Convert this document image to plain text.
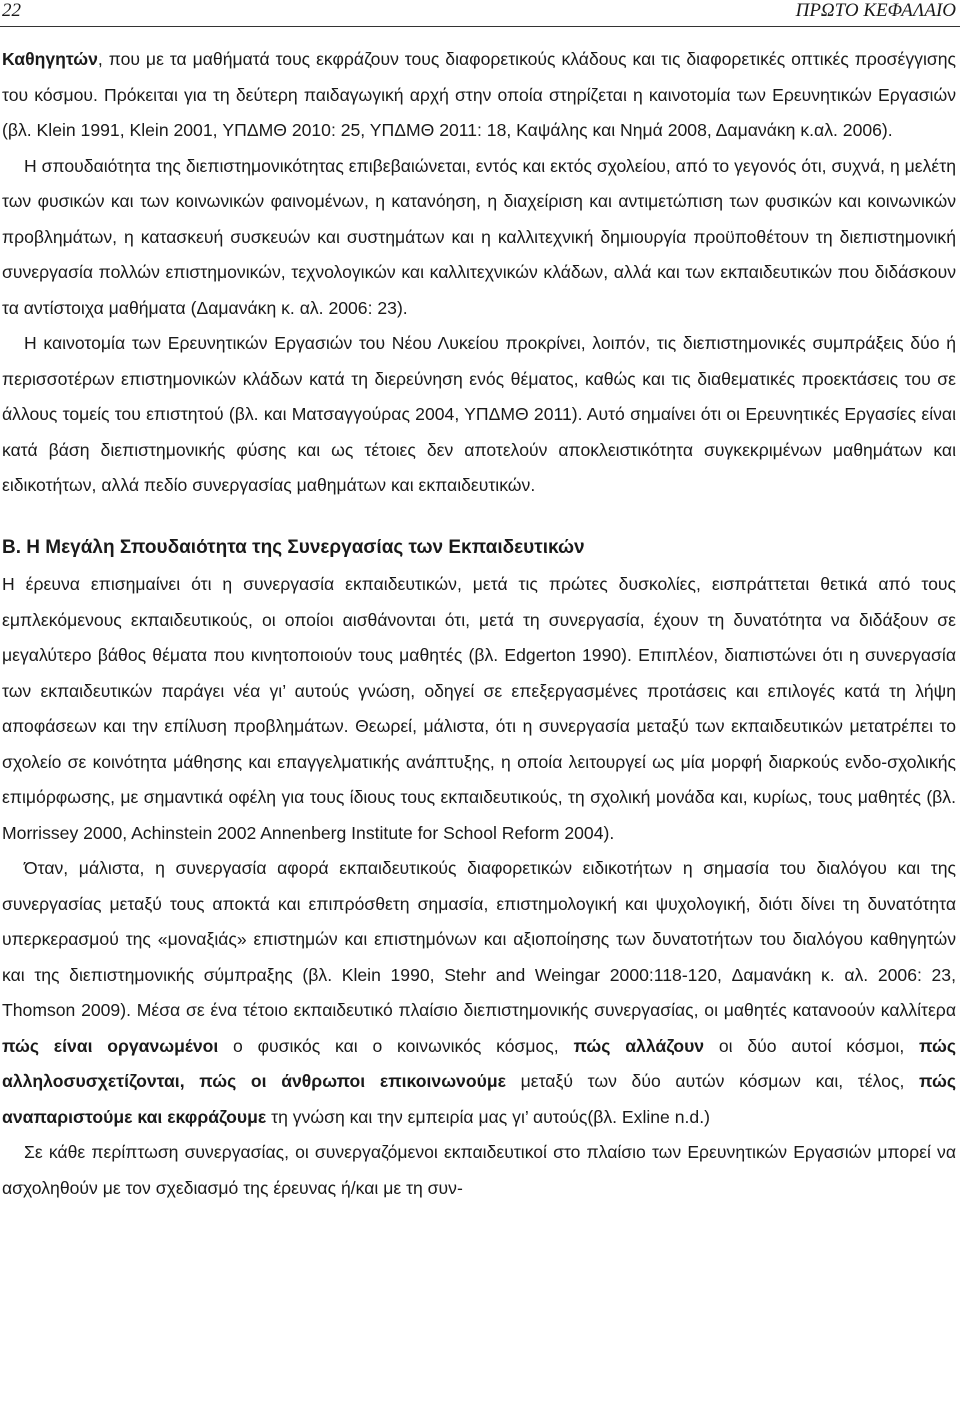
22	ΠΡΩΤΟ ΚΕΦΑΛΑΙΟ

Καθηγητών, που με τα μαθήματά τους εκφράζουν τους διαφορετικούς κλάδους και τις διαφορετικές οπτικές προσέγγισης του κόσμου. Πρόκειται για τη δεύτερη παιδαγωγική αρχή στην οποία στηρίζεται η καινοτομία των Ερευνητικών Εργασιών (βλ. Klein 1991, Klein 2001, ΥΠΔΜΘ 2010: 25, ΥΠΔΜΘ 2011: 18, Καψάλης και Νημά 2008, Δαμανάκη κ.αλ. 2006).

Η σπουδαιότητα της διεπιστημονικότητας επιβεβαιώνεται, εντός και εκτός σχολείου, από το γεγονός ότι, συχνά, η μελέτη των φυσικών και των κοινωνικών φαινομένων, η κατανόηση, η διαχείριση και αντιμετώπιση των φυσικών και κοινωνικών προβλημάτων, η κατασκευή συσκευών και συστημάτων και η καλλιτεχνική δημιουργία προϋποθέτουν τη διεπιστημονική συνεργασία πολλών επιστημονικών, τεχνολογικών και καλλιτεχνικών κλάδων, αλλά και των εκπαιδευτικών που διδάσκουν τα αντίστοιχα μαθήματα (Δαμανάκη κ. αλ. 2006: 23).

Η καινοτομία των Ερευνητικών Εργασιών του Νέου Λυκείου προκρίνει, λοιπόν, τις διεπιστημονικές συμπράξεις δύο ή περισσοτέρων επιστημονικών κλάδων κατά τη διερεύνηση ενός θέματος, καθώς και τις διαθεματικές προεκτάσεις του σε άλλους τομείς του επιστητού (βλ. και Ματσαγγούρας 2004, ΥΠΔΜΘ 2011). Αυτό σημαίνει ότι οι Ερευνητικές Εργασίες είναι κατά βάση διεπιστημονικής φύσης και ως τέτοιες δεν αποτελούν αποκλειστικότητα συγκεκριμένων μαθημάτων και ειδικοτήτων, αλλά πεδίο συνεργασίας μαθημάτων και εκπαιδευτικών.

Β. Η Μεγάλη Σπουδαιότητα της Συνεργασίας των Εκπαιδευτικών

Η έρευνα επισημαίνει ότι η συνεργασία εκπαιδευτικών, μετά τις πρώτες δυσκολίες, εισπράττεται θετικά από τους εμπλεκόμενους εκπαιδευτικούς, οι οποίοι αισθάνονται ότι, μετά τη συνεργασία, έχουν τη δυνατότητα να διδάξουν σε μεγαλύτερο βάθος θέματα που κινητοποιούν τους μαθητές (βλ. Edgerton 1990). Επιπλέον, διαπιστώνει ότι η συνεργασία των εκπαιδευτικών παράγει νέα γι’ αυτούς γνώση, οδηγεί σε επεξεργασμένες προτάσεις και επιλογές κατά τη λήψη αποφάσεων και την επίλυση προβλημάτων. Θεωρεί, μάλιστα, ότι η συνεργασία μεταξύ των εκπαιδευτικών μετατρέπει το σχολείο σε κοινότητα μάθησης και επαγγελματικής ανάπτυξης, η οποία λειτουργεί ως μία μορφή διαρκούς ενδο-σχολικής επιμόρφωσης, με σημαντικά οφέλη για τους ίδιους τους εκπαιδευτικούς, τη σχολική μονάδα και, κυρίως, τους μαθητές (βλ. Morrissey 2000, Achinstein 2002 Annenberg Institute for School Reform 2004).

Όταν, μάλιστα, η συνεργασία αφορά εκπαιδευτικούς διαφορετικών ειδικοτήτων η σημασία του διαλόγου και της συνεργασίας μεταξύ τους αποκτά και επιπρόσθετη σημασία, επιστημολογική και ψυχολογική, διότι δίνει τη δυνατότητα υπερκερασμού της «μοναξιάς» επιστημών και επιστημόνων και αξιοποίησης των δυνατοτήτων του διαλόγου καθηγητών και της διεπιστημονικής σύμπραξης (βλ. Klein 1990, Stehr and Weingar 2000:118-120, Δαμανάκη κ. αλ. 2006: 23, Thomson 2009). Μέσα σε ένα τέτοιο εκπαιδευτικό πλαίσιο διεπιστημονικής συνεργασίας, οι μαθητές κατανοούν καλλίτερα πώς είναι οργανωμένοι ο φυσικός και ο κοινωνικός κόσμος, πώς αλλάζουν οι δύο αυτοί κόσμοι, πώς αλληλοσυσχετίζονται, πώς οι άνθρωποι επικοινωνούμε μεταξύ των δύο αυτών κόσμων και, τέλος, πώς αναπαριστούμε και εκφράζουμε τη γνώση και την εμπειρία μας γι’ αυτούς(βλ. Exline n.d.)

Σε κάθε περίπτωση συνεργασίας, οι συνεργαζόμενοι εκπαιδευτικοί στο πλαίσιο των Ερευνητικών Εργασιών μπορεί να ασχοληθούν με τον σχεδιασμό της έρευνας ή/και με τη συν-
